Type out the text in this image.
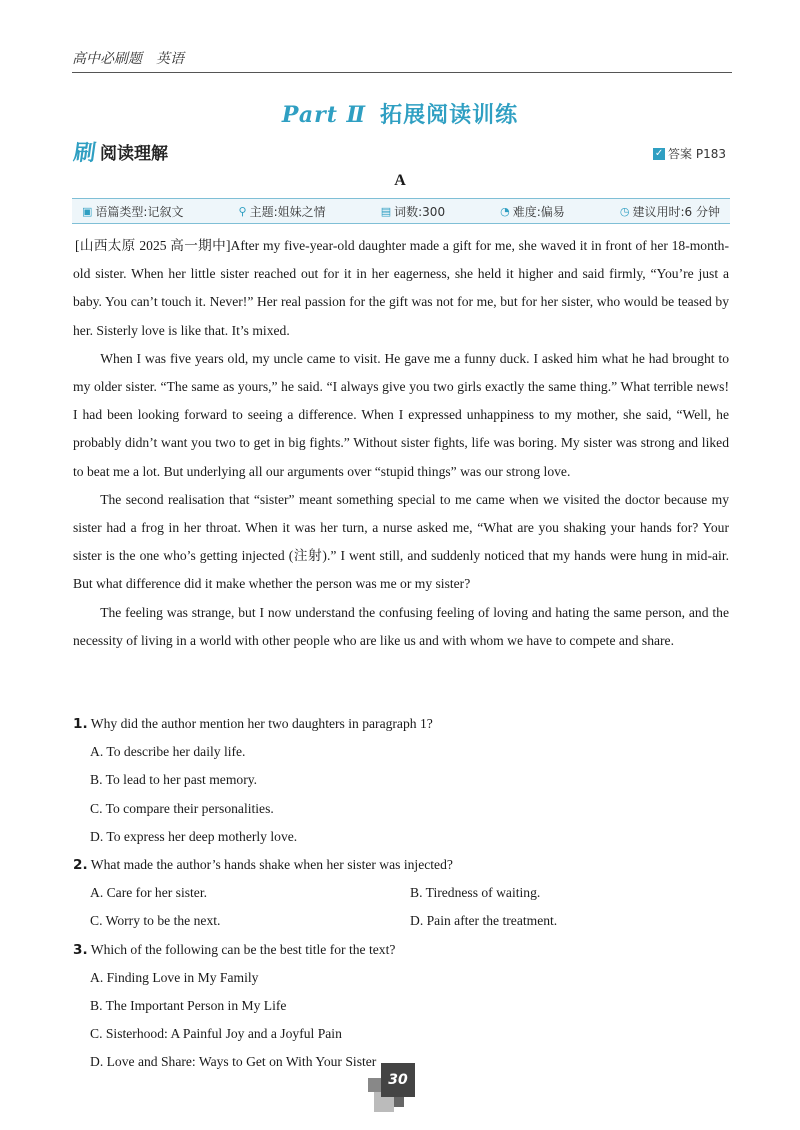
高中必刷题　英语
Part Ⅱ 拓展阅读训练
刷 阅读理解	✓ 答案 P183
A
▣ 语篇类型:记叙文	⚲ 主题:姐妹之情	▤ 词数:300	◔ 难度:偏易	◷ 建议用时:6 分钟

[山西太原 2025 高一期中]After my five-year-old daughter made a gift for me, she waved it in front of her 18-month-old sister. When her little sister reached out for it in her eagerness, she held it higher and said firmly, “You’re just a baby. You can’t touch it. Never!” Her real passion for the gift was not for me, but for her sister, who would be teased by her. Sisterly love is like that. It’s mixed.

When I was five years old, my uncle came to visit. He gave me a funny duck. I asked him what he had brought to my older sister. “The same as yours,” he said. “I always give you two girls exactly the same thing.” What terrible news! I had been looking forward to seeing a difference. When I expressed unhappiness to my mother, she said, “Well, he probably didn’t want you two to get in big fights.” Without sister fights, life was boring. My sister was strong and liked to beat me a lot. But underlying all our arguments over “stupid things” was our strong love.

The second realisation that “sister” meant something special to me came when we visited the doctor because my sister had a frog in her throat. When it was her turn, a nurse asked me, “What are you shaking your hands for? Your sister is the one who’s getting injected (注射).” I went still, and suddenly noticed that my hands were hung in mid-air. But what difference did it make whether the person was me or my sister?

The feeling was strange, but I now understand the confusing feeling of loving and hating the same person, and the necessity of living in a world with other people who are like us and with whom we have to compete and share.

1. Why did the author mention her two daughters in paragraph 1?
A. To describe her daily life.
B. To lead to her past memory.
C. To compare their personalities.
D. To express her deep motherly love.
2. What made the author’s hands shake when her sister was injected?
A. Care for her sister.	B. Tiredness of waiting.
C. Worry to be the next.	D. Pain after the treatment.
3. Which of the following can be the best title for the text?
A. Finding Love in My Family
B. The Important Person in My Life
C. Sisterhood: A Painful Joy and a Joyful Pain
D. Love and Share: Ways to Get on With Your Sister
30
